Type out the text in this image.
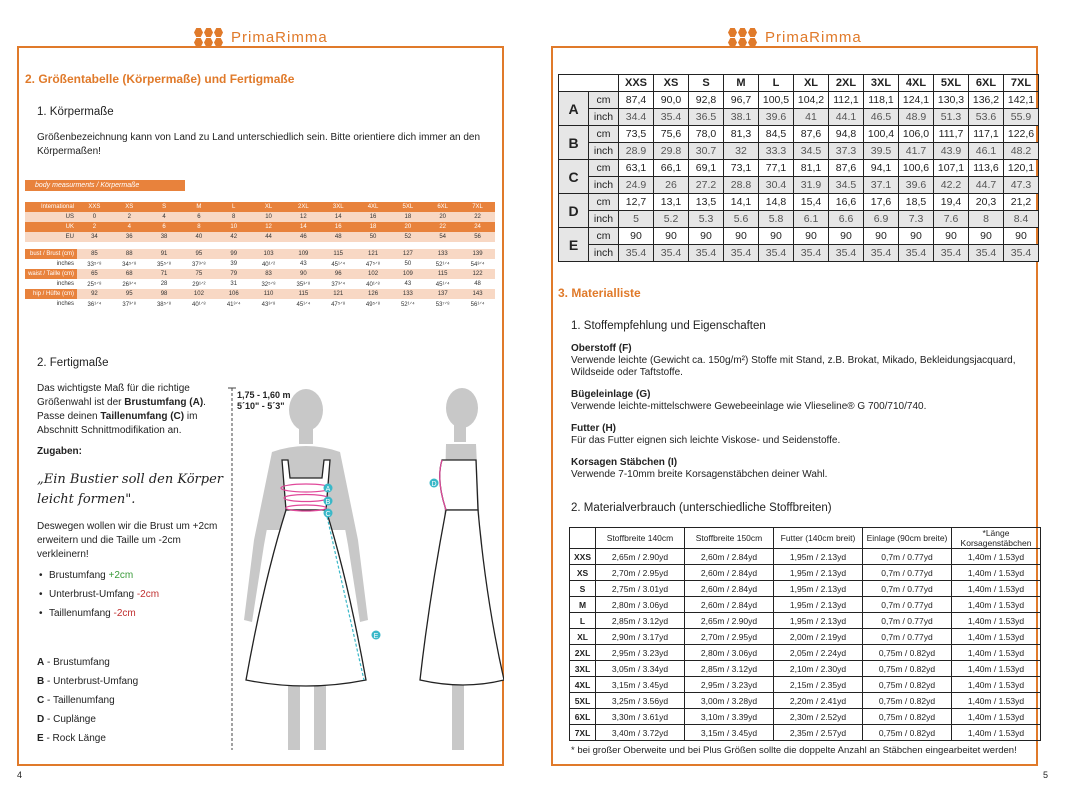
PrimaRimma
2. Größentabelle (Körpermaße) und Fertigmaße
1. Körpermaße
Größenbezeichnung kann von Land zu Land unterschiedlich sein. Bitte orientiere dich immer an den Körpermaßen!
body measurments / Körpermaße
International	XXS	XS	S	M	L	XL	2XL	3XL	4XL	5XL	6XL	7XL
US	0	2	4	6	8	10	12	14	16	18	20	22
UK	2	4	6	8	10	12	14	16	18	20	22	24
EU	34	36	38	40	42	44	46	48	50	52	54	56

bust / Brust (cm)	85	88	91	95	99	103	109	115	121	127	133	139
inches	33⁵ᐟ⁸	34⁵ᐟ⁸	35⁵ᐟ⁸	37³ᐟ⁸	39	40¹ᐟ²	43	45¹ᐟ⁴	47⁵ᐟ⁸	50	52¹ᐟ⁴	54³ᐟ⁴
waist / Taille (cm)	65	68	71	75	79	83	90	96	102	109	115	122
inches	25⁵ᐟ⁸	26³ᐟ⁴	28	29¹ᐟ²	31	32⁵ᐟ⁸	35³ᐟ⁸	37³ᐟ⁴	40¹ᐟ⁸	43	45¹ᐟ⁴	48
hip / Hüfte (cm)	92	95	98	102	106	110	115	121	126	133	137	143
inches	36¹ᐟ⁴	37³ᐟ⁸	38⁵ᐟ⁸	40¹ᐟ⁸	41³ᐟ⁴	43³ᐟ⁸	45¹ᐟ⁴	47⁵ᐟ⁸	49⁵ᐟ⁸	52¹ᐟ⁴	53⁷ᐟ⁸	56¹ᐟ⁴
2. Fertigmaße
Das wichtigste Maß für die richtige Größenwahl ist der Brustumfang (A). Passe deinen Taillenumfang (C) im Abschnitt Schnittmodifikation an.
Zugaben:
„Ein Bustier soll den Körper leicht formen".
Deswegen wollen wir die Brust um +2cm erweitern und die Taille um -2cm verkleinern!
• Brustumfang +2cm
• Unterbrust-Umfang -2cm
• Taillenumfang -2cm
A - Brustumfang
B - Unterbrust-Umfang
C - Taillenumfang
D - Cuplänge
E - Rock Länge
A
B
C
E
D
1,75 - 1,60 m
5´10" - 5´3"
4
PrimaRimma
		XXS	XS	S	M	L	XL	2XL	3XL	4XL	5XL	6XL	7XL
A	cm	87,4	90,0	92,8	96,7	100,5	104,2	112,1	118,1	124,1	130,3	136,2	142,1
	inch	34.4	35.4	36.5	38.1	39.6	41	44.1	46.5	48.9	51.3	53.6	55.9
B	cm	73,5	75,6	78,0	81,3	84,5	87,6	94,8	100,4	106,0	111,7	117,1	122,6
	inch	28.9	29.8	30.7	32	33.3	34.5	37.3	39.5	41.7	43.9	46.1	48.2
C	cm	63,1	66,1	69,1	73,1	77,1	81,1	87,6	94,1	100,6	107,1	113,6	120,1
	inch	24.9	26	27.2	28.8	30.4	31.9	34.5	37.1	39.6	42.2	44.7	47.3
D	cm	12,7	13,1	13,5	14,1	14,8	15,4	16,6	17,6	18,5	19,4	20,3	21,2
	inch	5	5.2	5.3	5.6	5.8	6.1	6.6	6.9	7.3	7.6	8	8.4
E	cm	90	90	90	90	90	90	90	90	90	90	90	90
	inch	35.4	35.4	35.4	35.4	35.4	35.4	35.4	35.4	35.4	35.4	35.4	35.4
3. Materialliste
1. Stoffempfehlung und Eigenschaften
Oberstoff (F)
Verwende leichte (Gewicht ca. 150g/m²) Stoffe mit Stand, z.B. Brokat, Mikado, Bekleidungsjacquard, Wildseide oder Taftstoffe.
Bügeleinlage (G)
Verwende leichte-mittelschwere Gewebeeinlage wie Vlieseline® G 700/710/740.
Futter (H)
Für das Futter eignen sich leichte Viskose- und Seidenstoffe.
Korsagen Stäbchen (I)
Verwende 7-10mm breite Korsagenstäbchen deiner Wahl.
2. Materialverbrauch (unterschiedliche Stoffbreiten)
	Stoffbreite 140cm	Stoffbreite 150cm	Futter (140cm breit)	Einlage (90cm breite)	*Länge Korsagenstäbchen
XXS	2,65m / 2.90yd	2,60m / 2.84yd	1,95m / 2.13yd	0,7m / 0.77yd	1,40m / 1.53yd
XS	2,70m / 2.95yd	2,60m / 2.84yd	1,95m / 2.13yd	0,7m / 0.77yd	1,40m / 1.53yd
S	2,75m / 3.01yd	2,60m / 2.84yd	1,95m / 2.13yd	0,7m / 0.77yd	1,40m / 1.53yd
M	2,80m / 3.06yd	2,60m / 2.84yd	1,95m / 2.13yd	0,7m / 0.77yd	1,40m / 1.53yd
L	2,85m / 3.12yd	2,65m / 2.90yd	1,95m / 2.13yd	0,7m / 0.77yd	1,40m / 1.53yd
XL	2,90m / 3.17yd	2,70m / 2.95yd	2,00m / 2.19yd	0,7m / 0.77yd	1,40m / 1.53yd
2XL	2,95m / 3.23yd	2,80m / 3.06yd	2,05m / 2.24yd	0,75m / 0.82yd	1,40m / 1.53yd
3XL	3,05m / 3.34yd	2,85m / 3.12yd	2,10m / 2.30yd	0,75m / 0.82yd	1,40m / 1.53yd
4XL	3,15m / 3.45yd	2,95m / 3.23yd	2,15m / 2.35yd	0,75m / 0.82yd	1,40m / 1.53yd
5XL	3,25m / 3.56yd	3,00m / 3.28yd	2,20m / 2.41yd	0,75m / 0.82yd	1,40m / 1.53yd
6XL	3,30m / 3.61yd	3,10m / 3.39yd	2,30m / 2.52yd	0,75m / 0.82yd	1,40m / 1.53yd
7XL	3,40m / 3.72yd	3,15m / 3.45yd	2,35m / 2.57yd	0,75m / 0.82yd	1,40m / 1.53yd
* bei großer Oberweite und bei Plus Größen sollte die doppelte Anzahl an Stäbchen eingearbeitet werden!
5
